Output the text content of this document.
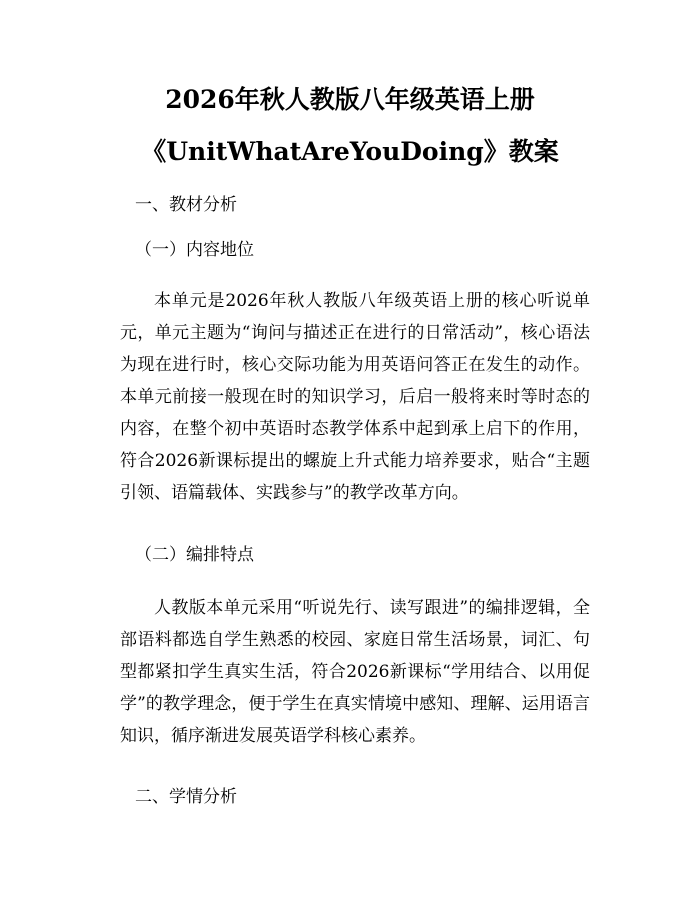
2026年秋人教版八年级英语上册
《UnitWhatAreYouDoing》教案
一、教材分析
（一）内容地位
本单元是2026年秋人教版八年级英语上册的核心听说单元，单元主题为“询问与描述正在进行的日常活动”，核心语法为现在进行时，核心交际功能为用英语问答正在发生的动作。本单元前接一般现在时的知识学习，后启一般将来时等时态的内容，在整个初中英语时态教学体系中起到承上启下的作用，符合2026新课标提出的螺旋上升式能力培养要求，贴合“主题引领、语篇载体、实践参与”的教学改革方向。
（二）编排特点
人教版本单元采用“听说先行、读写跟进”的编排逻辑，全部语料都选自学生熟悉的校园、家庭日常生活场景，词汇、句型都紧扣学生真实生活，符合2026新课标“学用结合、以用促学”的教学理念，便于学生在真实情境中感知、理解、运用语言知识，循序渐进发展英语学科核心素养。
二、学情分析
